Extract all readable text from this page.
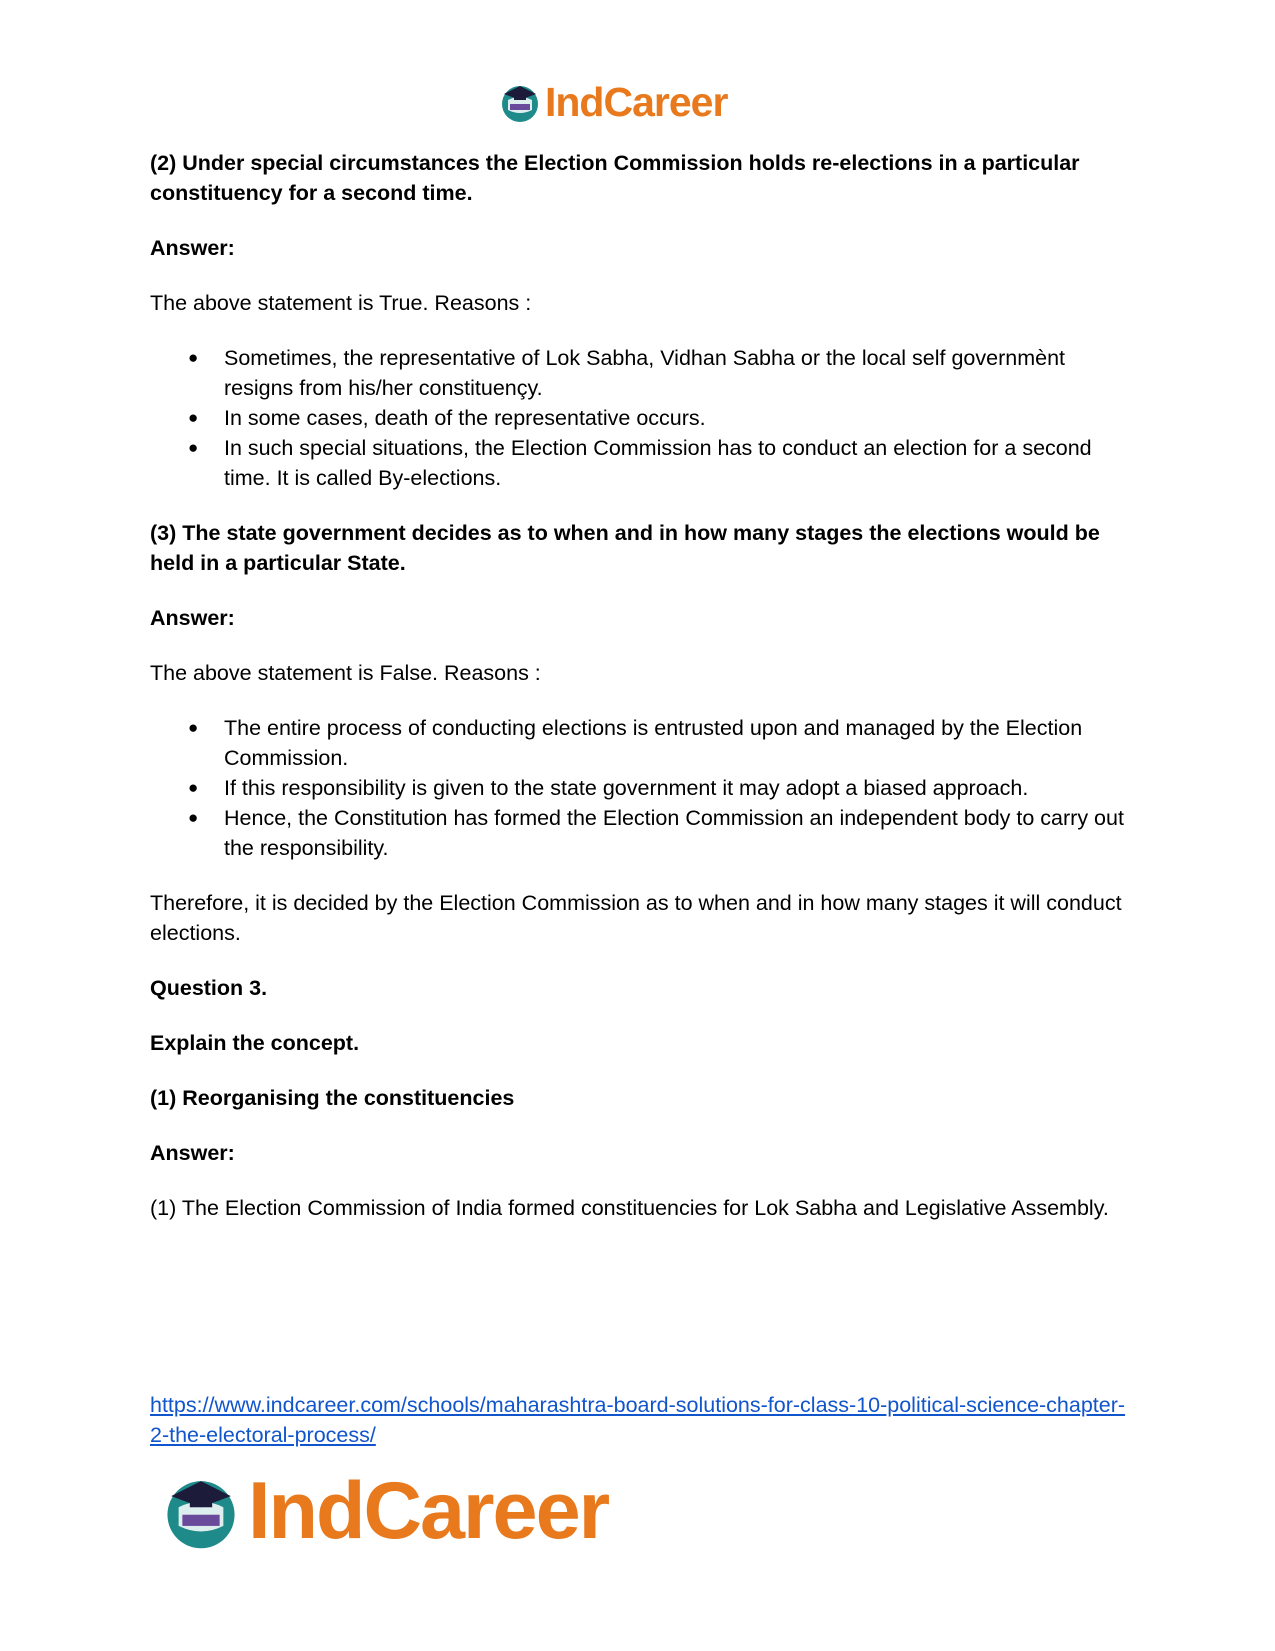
IndCareer

(2) Under special circumstances the Election Commission holds re-elections in a particular constituency for a second time.

Answer:

The above statement is True. Reasons :

● Sometimes, the representative of Lok Sabha, Vidhan Sabha or the local self governmènt resigns from his/her constituençy.
● In some cases, death of the representative occurs.
● In such special situations, the Election Commission has to conduct an election for a second time. It is called By-elections.

(3) The state government decides as to when and in how many stages the elections would be held in a particular State.

Answer:

The above statement is False. Reasons :

● The entire process of conducting elections is entrusted upon and managed by the Election Commission.
● If this responsibility is given to the state government it may adopt a biased approach.
● Hence, the Constitution has formed the Election Commission an independent body to carry out the responsibility.

Therefore, it is decided by the Election Commission as to when and in how many stages it will conduct elections.

Question 3.

Explain the concept.

(1) Reorganising the constituencies

Answer:

(1) The Election Commission of India formed constituencies for Lok Sabha and Legislative Assembly.

https://www.indcareer.com/schools/maharashtra-board-solutions-for-class-10-political-science-chapter-2-the-electoral-process/
IndCareer
